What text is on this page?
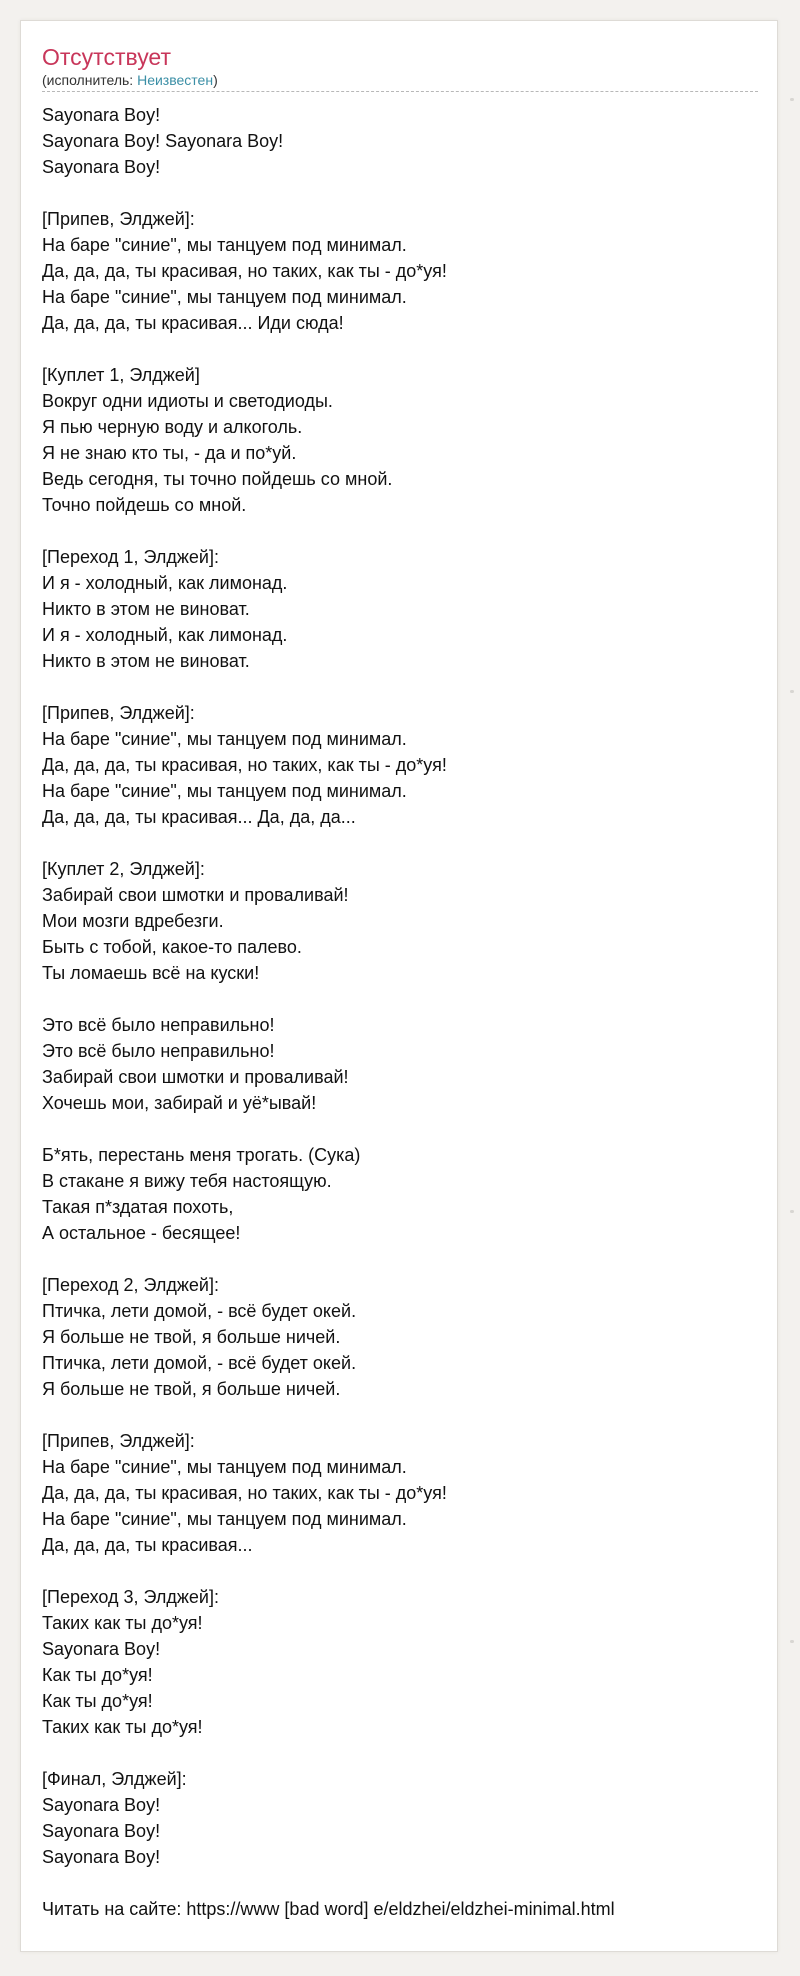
Отсутствует
(исполнитель: Неизвестен)
Sayonara Boy!
Sayonara Boy! Sayonara Boy!
Sayonara Boy!

[Припев, Элджей]:
На баре "синие", мы танцуем под минимал.
Да, да, да, ты красивая, но таких, как ты - до*уя!
На баре "синие", мы танцуем под минимал.
Да, да, да, ты красивая... Иди сюда!

[Куплет 1, Элджей]
Вокруг одни идиоты и светодиоды.
Я пью черную воду и алкоголь.
Я не знаю кто ты, - да и по*уй.
Ведь сегодня, ты точно пойдешь со мной.
Точно пойдешь со мной.

[Переход 1, Элджей]:
И я - холодный, как лимонад.
Никто в этом не виноват.
И я - холодный, как лимонад.
Никто в этом не виноват.

[Припев, Элджей]:
На баре "синие", мы танцуем под минимал.
Да, да, да, ты красивая, но таких, как ты - до*уя!
На баре "синие", мы танцуем под минимал.
Да, да, да, ты красивая... Да, да, да...

[Куплет 2, Элджей]:
Забирай свои шмотки и проваливай!
Мои мозги вдребезги.
Быть с тобой, какое-то палево.
Ты ломаешь всё на куски!

Это всё было неправильно!
Это всё было неправильно!
Забирай свои шмотки и проваливай!
Хочешь мои, забирай и уё*ывай!

Б*ять, перестань меня трогать. (Сука)
В стакане я вижу тебя настоящую.
Такая п*здатая похоть,
А остальное - бесящее!

[Переход 2, Элджей]:
Птичка, лети домой, - всё будет окей.
Я больше не твой, я больше ничей.
Птичка, лети домой, - всё будет окей.
Я больше не твой, я больше ничей.

[Припев, Элджей]:
На баре "синие", мы танцуем под минимал.
Да, да, да, ты красивая, но таких, как ты - до*уя!
На баре "синие", мы танцуем под минимал.
Да, да, да, ты красивая...

[Переход 3, Элджей]:
Таких как ты до*уя!
Sayonara Boy!
Как ты до*уя!
Как ты до*уя!
Таких как ты до*уя!

[Финал, Элджей]:
Sayonara Boy!
Sayonara Boy!
Sayonara Boy!
Читать на сайте: https://www [bad word] e/eldzhei/eldzhei-minimal.html
